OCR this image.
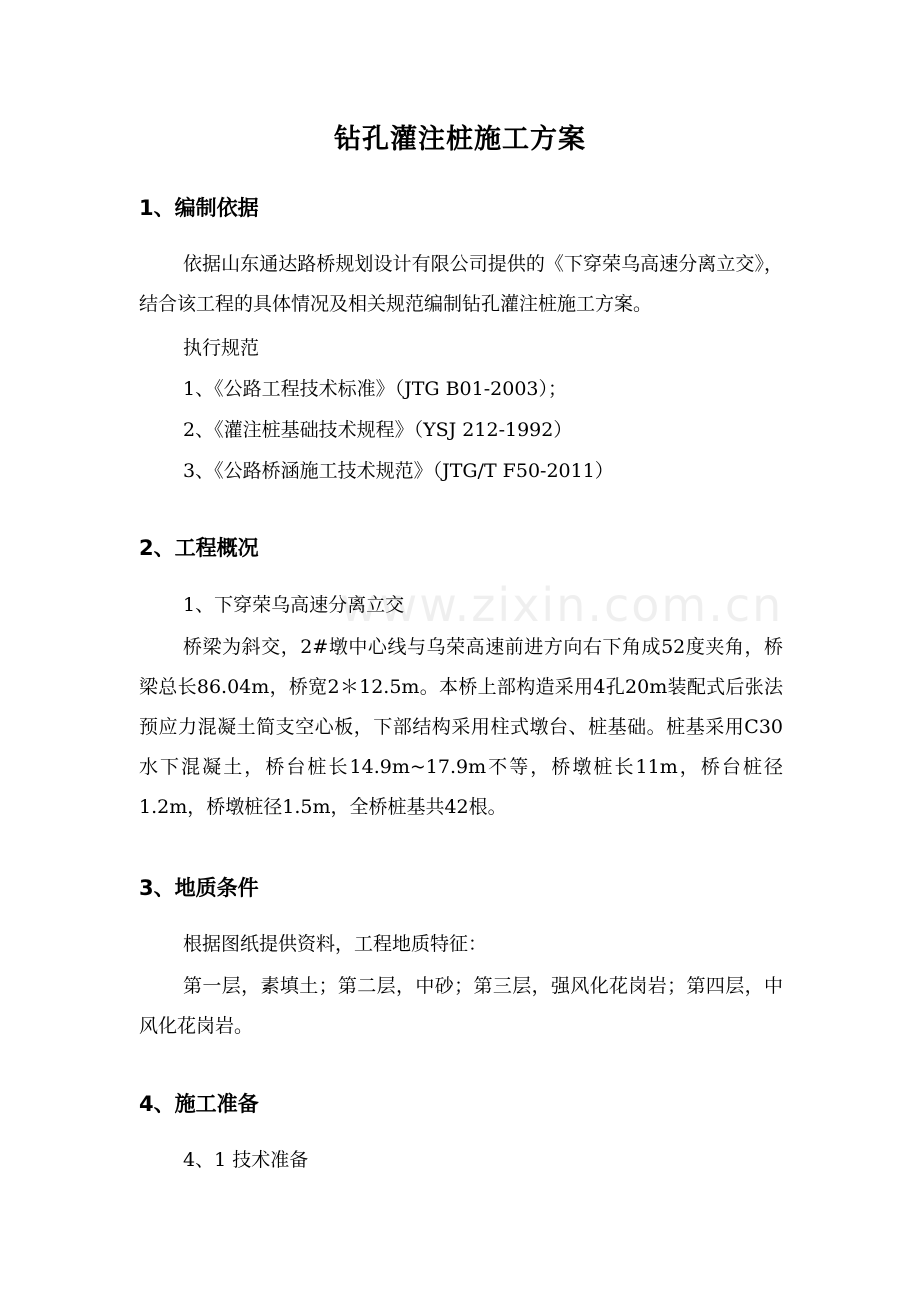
www.zixin.com.cn
钻孔灌注桩施工方案
1、编制依据

依据山东通达路桥规划设计有限公司提供的《下穿荣乌高速分离立交》，结合该工程的具体情况及相关规范编制钻孔灌注桩施工方案。

执行规范

1、《公路工程技术标准》（JTG B01-2003）；

2、《灌注桩基础技术规程》（YSJ 212-1992）

3、《公路桥涵施工技术规范》（JTG/T F50-2011）

2、工程概况

1、下穿荣乌高速分离立交

桥梁为斜交，2#墩中心线与乌荣高速前进方向右下角成52度夹角，桥梁总长86.04m，桥宽2＊12.5m。本桥上部构造采用4孔20m装配式后张法预应力混凝土简支空心板，下部结构采用柱式墩台、桩基础。桩基采用C30水下混凝土，桥台桩长14.9m~17.9m不等，桥墩桩长11m，桥台桩径1.2m，桥墩桩径1.5m，全桥桩基共42根。

3、地质条件

根据图纸提供资料，工程地质特征：

第一层，素填土；第二层，中砂；第三层，强风化花岗岩；第四层，中风化花岗岩。

4、施工准备

4、1 技术准备
